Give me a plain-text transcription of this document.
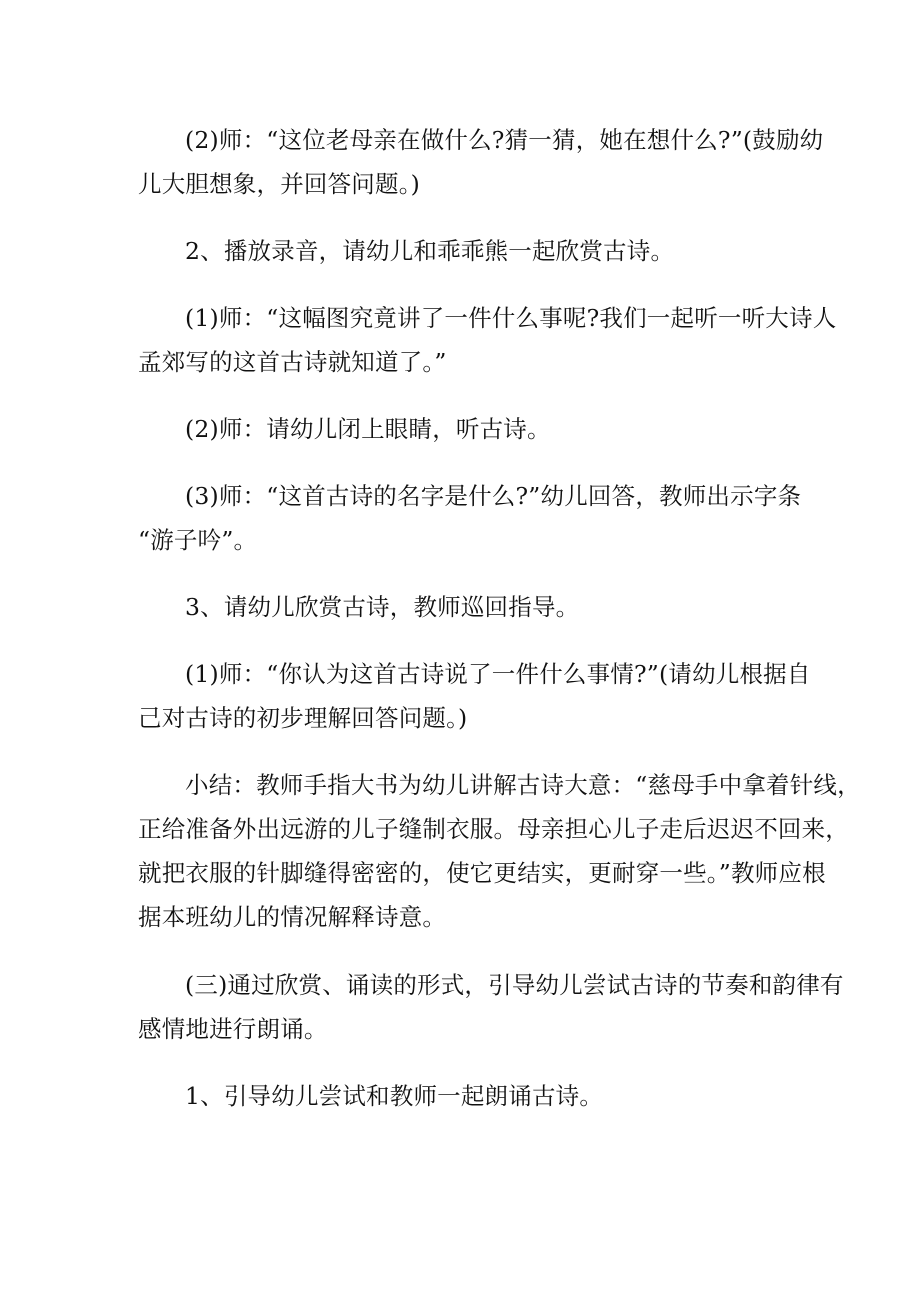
(2)师：“这位老母亲在做什么?猜一猜，她在想什么?”(鼓励幼
儿大胆想象，并回答问题。)

2、播放录音，请幼儿和乖乖熊一起欣赏古诗。

(1)师：“这幅图究竟讲了一件什么事呢?我们一起听一听大诗人
孟郊写的这首古诗就知道了。”

(2)师：请幼儿闭上眼睛，听古诗。

(3)师：“这首古诗的名字是什么?”幼儿回答，教师出示字条
“游子吟”。

3、请幼儿欣赏古诗，教师巡回指导。

(1)师：“你认为这首古诗说了一件什么事情?”(请幼儿根据自
己对古诗的初步理解回答问题。)

小结：教师手指大书为幼儿讲解古诗大意：“慈母手中拿着针线，
正给准备外出远游的儿子缝制衣服。母亲担心儿子走后迟迟不回来，
就把衣服的针脚缝得密密的，使它更结实，更耐穿一些。”教师应根
据本班幼儿的情况解释诗意。

(三)通过欣赏、诵读的形式，引导幼儿尝试古诗的节奏和韵律有
感情地进行朗诵。

1、引导幼儿尝试和教师一起朗诵古诗。
